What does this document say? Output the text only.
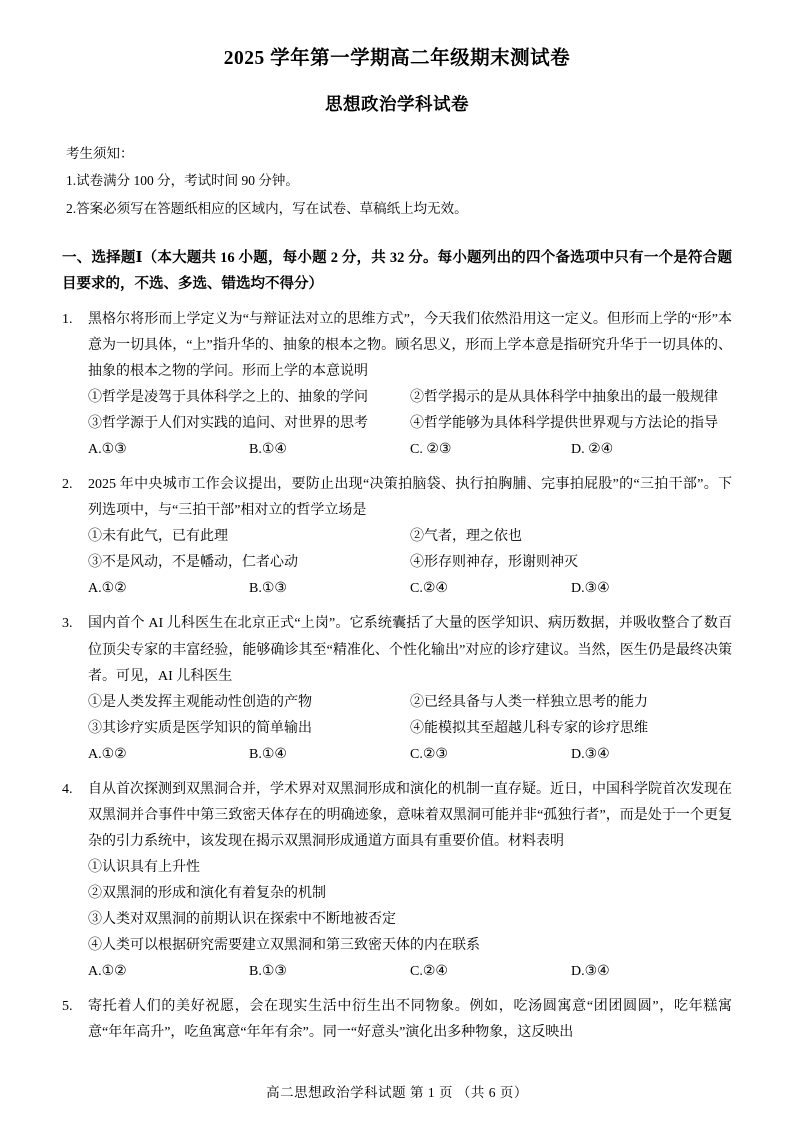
2025 学年第一学期高二年级期末测试卷
思想政治学科试卷
考生须知：
1.试卷满分 100 分，考试时间 90 分钟。
2.答案必须写在答题纸相应的区域内，写在试卷、草稿纸上均无效。
一、选择题Ⅰ（本大题共 16 小题，每小题 2 分，共 32 分。每小题列出的四个备选项中只有一个是符合题目要求的，不选、多选、错选均不得分）
1.	黑格尔将形而上学定义为“与辩证法对立的思维方式”，今天我们依然沿用这一定义。但形而上学的“形”本意为一切具体，“上”指升华的、抽象的根本之物。顾名思义，形而上学本意是指研究升华于一切具体的、抽象的根本之物的学问。形而上学的本意说明
①哲学是凌驾于具体科学之上的、抽象的学问	②哲学揭示的是从具体科学中抽象出的最一般规律
③哲学源于人们对实践的追问、对世界的思考	④哲学能够为具体科学提供世界观与方法论的指导
A.①③	B.①④	C. ②③	D. ②④
2.	2025 年中央城市工作会议提出，要防止出现“决策拍脑袋、执行拍胸脯、完事拍屁股”的“三拍干部”。下列选项中，与“三拍干部”相对立的哲学立场是
①未有此气，已有此理	②气者，理之依也
③不是风动，不是幡动，仁者心动	④形存则神存，形谢则神灭
A.①②	B.①③	C.②④	D.③④
3.	国内首个 AI 儿科医生在北京正式“上岗”。它系统囊括了大量的医学知识、病历数据，并吸收整合了数百位顶尖专家的丰富经验，能够确诊其至“精准化、个性化输出”对应的诊疗建议。当然，医生仍是最终决策者。可见，AI 儿科医生
①是人类发挥主观能动性创造的产物	②已经具备与人类一样独立思考的能力
③其诊疗实质是医学知识的简单输出	④能模拟其至超越儿科专家的诊疗思维
A.①②	B.①④	C.②③	D.③④
4.	自从首次探测到双黑洞合并，学术界对双黑洞形成和演化的机制一直存疑。近日，中国科学院首次发现在双黑洞并合事件中第三致密天体存在的明确迹象，意味着双黑洞可能并非“孤独行者”，而是处于一个更复杂的引力系统中，该发现在揭示双黑洞形成通道方面具有重要价值。材料表明
①认识具有上升性
②双黑洞的形成和演化有着复杂的机制
③人类对双黑洞的前期认识在探索中不断地被否定
④人类可以根据研究需要建立双黑洞和第三致密天体的内在联系
A.①②	B.①③	C.②④	D.③④
5.	寄托着人们的美好祝愿，会在现实生活中衍生出不同物象。例如，吃汤圆寓意“团团圆圆”，吃年糕寓意“年年高升”，吃鱼寓意“年年有余”。同一“好意头”演化出多种物象，这反映出
高二思想政治学科试题 第 1 页 （共 6 页）
